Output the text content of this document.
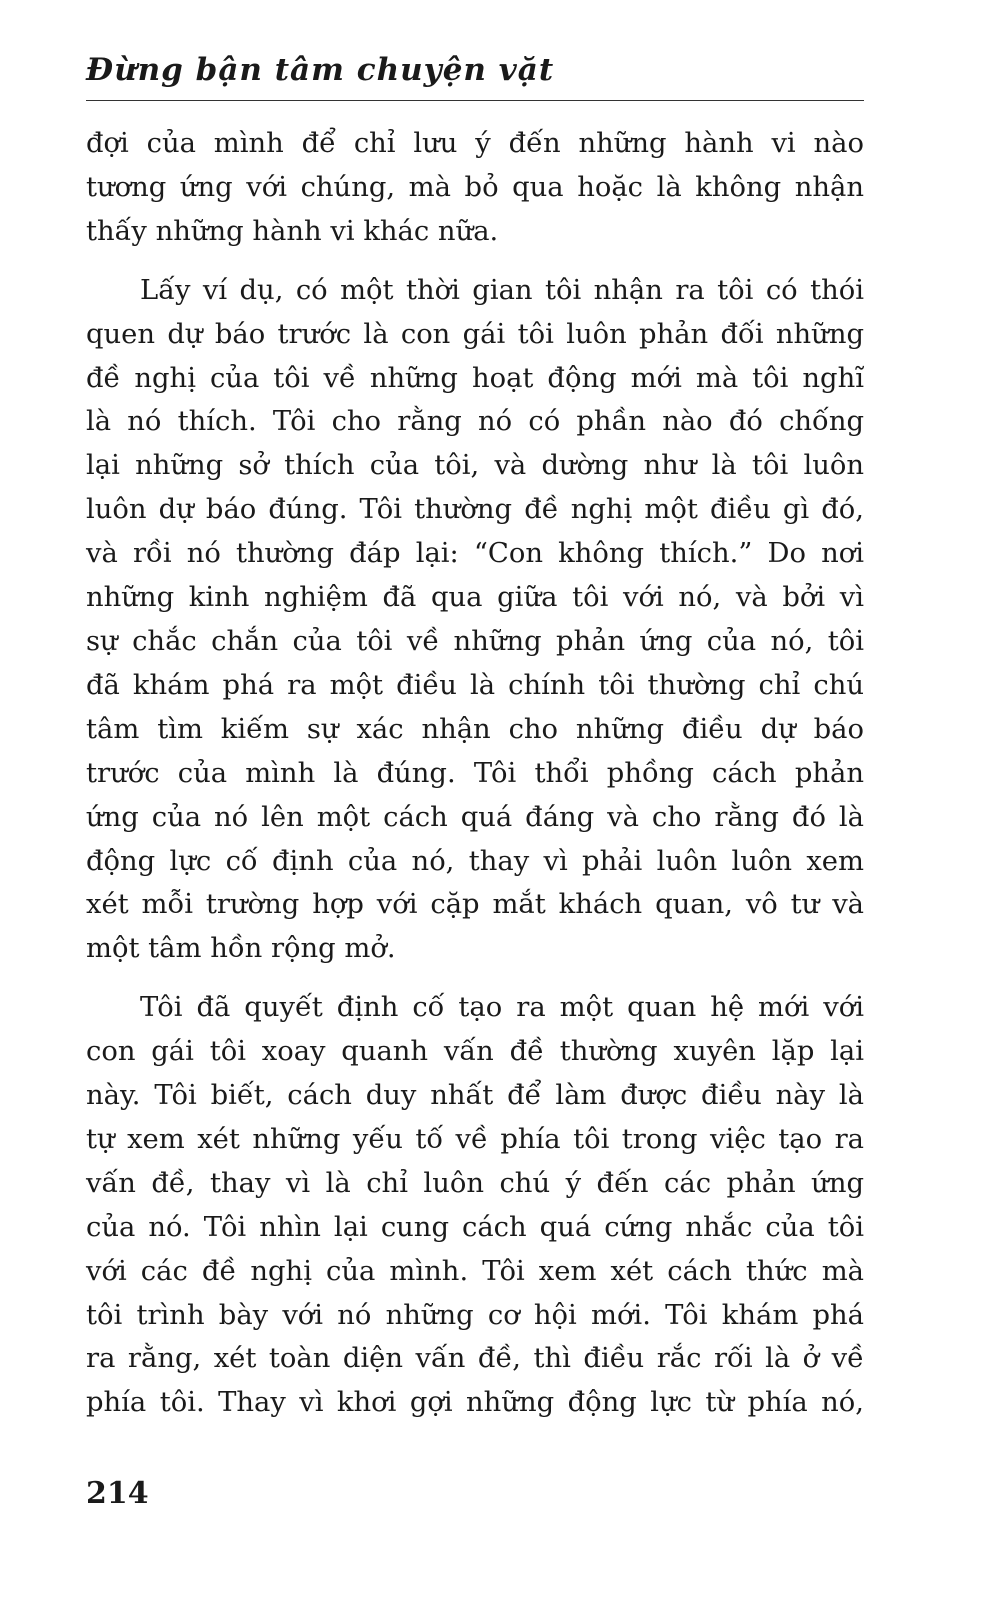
Đừng bận tâm chuyện vặt

đợi của mình để chỉ lưu ý đến những hành vi nào
tương ứng với chúng, mà bỏ qua hoặc là không nhận
thấy những hành vi khác nữa.

Lấy ví dụ, có một thời gian tôi nhận ra tôi có thói
quen dự báo trước là con gái tôi luôn phản đối những
đề nghị của tôi về những hoạt động mới mà tôi nghĩ
là nó thích. Tôi cho rằng nó có phần nào đó chống
lại những sở thích của tôi, và dường như là tôi luôn
luôn dự báo đúng. Tôi thường đề nghị một điều gì đó,
và rồi nó thường đáp lại: “Con không thích.” Do nơi
những kinh nghiệm đã qua giữa tôi với nó, và bởi vì
sự chắc chắn của tôi về những phản ứng của nó, tôi
đã khám phá ra một điều là chính tôi thường chỉ chú
tâm tìm kiếm sự xác nhận cho những điều dự báo
trước của mình là đúng. Tôi thổi phồng cách phản
ứng của nó lên một cách quá đáng và cho rằng đó là
động lực cố định của nó, thay vì phải luôn luôn xem
xét mỗi trường hợp với cặp mắt khách quan, vô tư và
một tâm hồn rộng mở.

Tôi đã quyết định cố tạo ra một quan hệ mới với
con gái tôi xoay quanh vấn đề thường xuyên lặp lại
này. Tôi biết, cách duy nhất để làm được điều này là
tự xem xét những yếu tố về phía tôi trong việc tạo ra
vấn đề, thay vì là chỉ luôn chú ý đến các phản ứng
của nó. Tôi nhìn lại cung cách quá cứng nhắc của tôi
với các đề nghị của mình. Tôi xem xét cách thức mà
tôi trình bày với nó những cơ hội mới. Tôi khám phá
ra rằng, xét toàn diện vấn đề, thì điều rắc rối là ở về
phía tôi. Thay vì khơi gợi những động lực từ phía nó,

214
